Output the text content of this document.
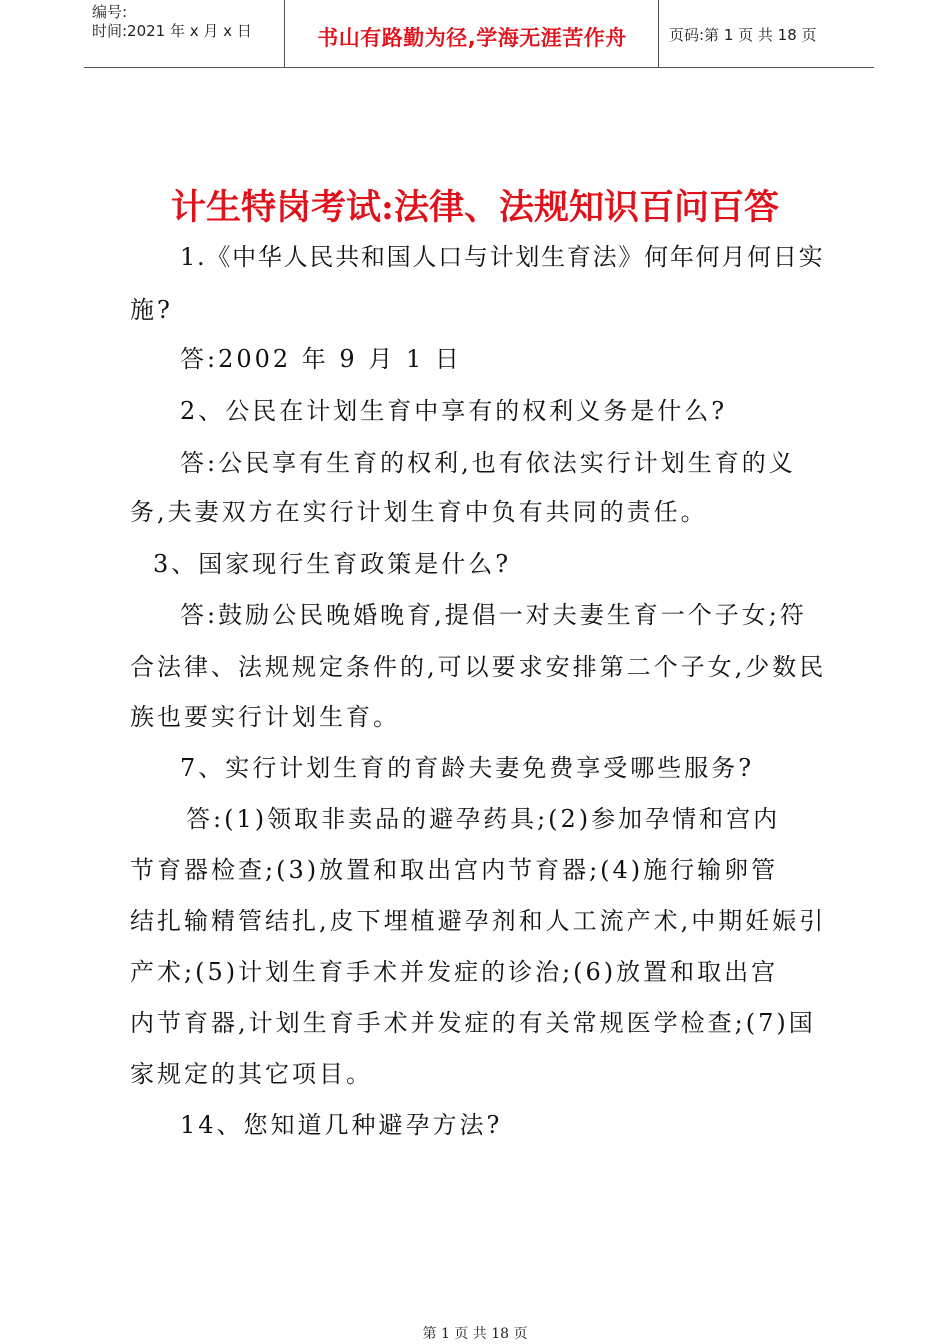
编号:
时间:2021 年 x 月 x 日	书山有路勤为径,学海无涯苦作舟	页码:第 1 页 共 18 页
计生特岗考试:法律、法规知识百问百答
1.《中华人民共和国人口与计划生育法》何年何月何日实
施?
答:2002 年 9 月 1 日
2、公民在计划生育中享有的权利义务是什么?
答:公民享有生育的权利,也有依法实行计划生育的义
务,夫妻双方在实行计划生育中负有共同的责任。
3、国家现行生育政策是什么?
答:鼓励公民晚婚晚育,提倡一对夫妻生育一个子女;符
合法律、法规规定条件的,可以要求安排第二个子女,少数民
族也要实行计划生育。
7、实行计划生育的育龄夫妻免费享受哪些服务?
答:(1)领取非卖品的避孕药具;(2)参加孕情和宫内
节育器检查;(3)放置和取出宫内节育器;(4)施行输卵管
结扎输精管结扎,皮下埋植避孕剂和人工流产术,中期妊娠引
产术;(5)计划生育手术并发症的诊治;(6)放置和取出宫
内节育器,计划生育手术并发症的有关常规医学检查;(7)国
家规定的其它项目。
14、您知道几种避孕方法?
第 1 页 共 18 页
